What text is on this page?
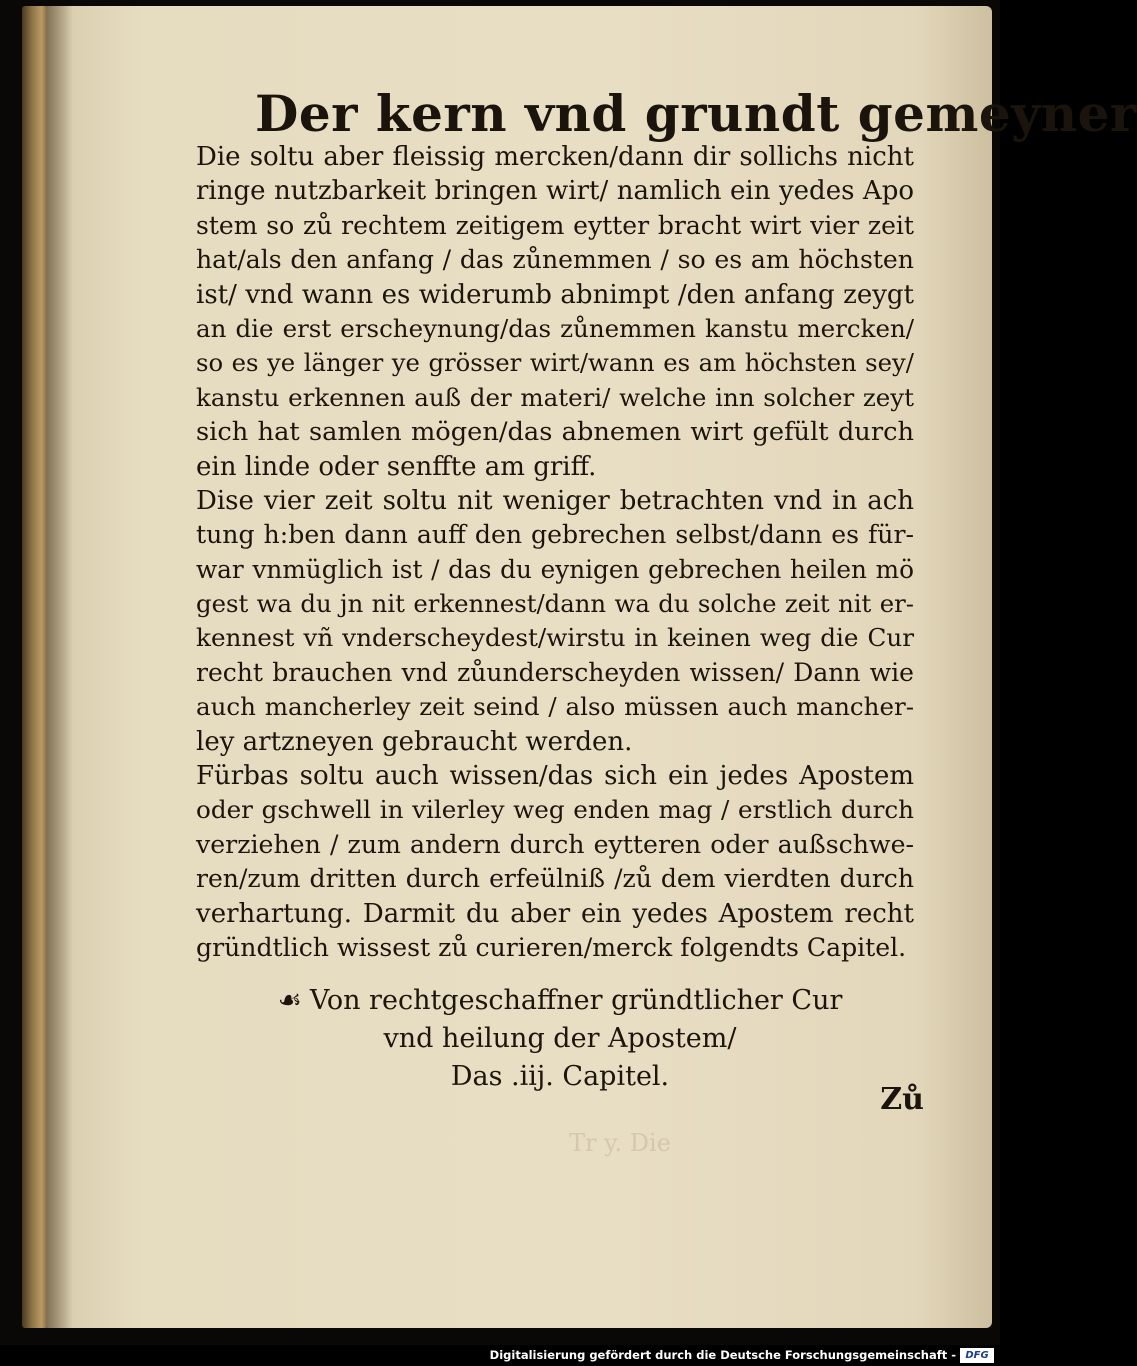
Der kern vnd grundt gemeyner
Die soltu aber fleissig mercken/dann dir sollichs nicht
ringe nutzbarkeit bringen wirt/ namlich ein yedes Apo
stem so zů rechtem zeitigem eytter bracht wirt vier zeit
hat/als den anfang / das zůnemmen / so es am höchsten
ist/ vnd wann es widerumb abnimpt /den anfang zeygt
an die erst erscheynung/das zůnemmen kanstu mercken/
so es ye länger ye grösser wirt/wann es am höchsten sey/
kanstu erkennen auß der materi/ welche inn solcher zeyt
sich hat samlen mögen/das abnemen wirt gefült durch
ein linde oder senffte am griff.
Dise vier zeit soltu nit weniger betrachten vnd in ach
tung h:ben dann auff den gebrechen selbst/dann es für-
war vnmüglich ist / das du eynigen gebrechen heilen mö
gest wa du jn nit erkennest/dann wa du solche zeit nit er-
kennest vñ vnderscheydest/wirstu in keinen weg die Cur
recht brauchen vnd zůunderscheyden wissen/ Dann wie
auch mancherley zeit seind / also müssen auch mancher-
ley artzneyen gebraucht werden.
Fürbas soltu auch wissen/das sich ein jedes Apostem
oder gschwell in vilerley weg enden mag / erstlich durch
verziehen / zum andern durch eytteren oder außschwe-
ren/zum dritten durch erfeülniß /zů dem vierdten durch
verhartung. Darmit du aber ein yedes Apostem recht
gründtlich wissest zů curieren/merck folgendts Capitel.
☙ Von rechtgeschaffner gründtlicher Cur
vnd heilung der Apostem/
Das .iij. Capitel.
Zů
Tr y. Die
Digitalisierung gefördert durch die Deutsche Forschungsgemeinschaft - DFG
